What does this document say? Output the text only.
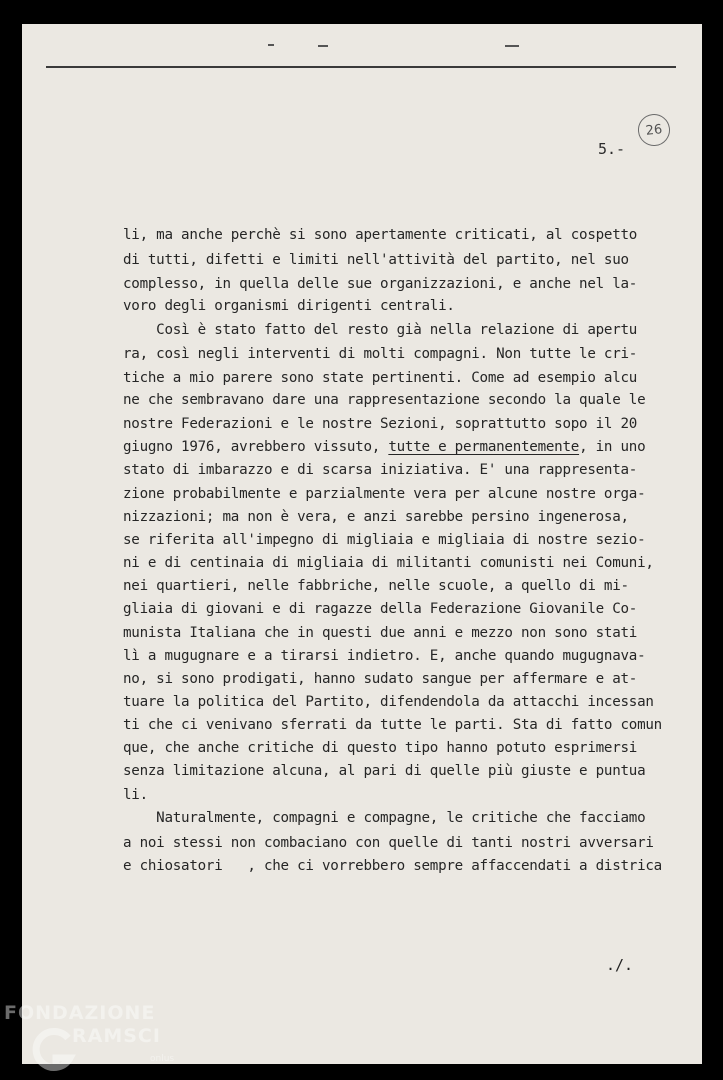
5.-
26
li, ma anche perchè si sono apertamente criticati, al cospetto
di tutti, difetti e limiti nell'attività del partito, nel suo
complesso, in quella delle sue organizzazioni, e anche nel la-
voro degli organismi dirigenti centrali.
Così è stato fatto del resto già nella relazione di apertu
ra, così negli interventi di molti compagni. Non tutte le cri-
tiche a mio parere sono state pertinenti. Come ad esempio alcu
ne che sembravano dare una rappresentazione secondo la quale le
nostre Federazioni e le nostre Sezioni, soprattutto sopo il 20
giugno 1976, avrebbero vissuto, tutte e permanentemente, in uno
stato di imbarazzo e di scarsa iniziativa. E' una rappresenta-
zione probabilmente e parzialmente vera per alcune nostre orga-
nizzazioni; ma non è vera, e anzi sarebbe persino ingenerosa,
se riferita all'impegno di migliaia e migliaia di nostre sezio-
ni e di centinaia di migliaia di militanti comunisti nei Comuni,
nei quartieri, nelle fabbriche, nelle scuole, a quello di mi-
gliaia di giovani e di ragazze della Federazione Giovanile Co-
munista Italiana che in questi due anni e mezzo non sono stati
lì a mugugnare e a tirarsi indietro. E, anche quando mugugnava-
no, si sono prodigati, hanno sudato sangue per affermare e at-
tuare la politica del Partito, difendendola da attacchi incessan
ti che ci venivano sferrati da tutte le parti. Sta di fatto comun
que, che anche critiche di questo tipo hanno potuto esprimersi
senza limitazione alcuna, al pari di quelle più giuste e puntua
li.
Naturalmente, compagni e compagne, le critiche che facciamo
a noi stessi non combaciano con quelle di tanti nostri avversari
e chiosatori   , che ci vorrebbero sempre affaccendati a districa
./.
FONDAZIONE
RAMSCI
onlus
